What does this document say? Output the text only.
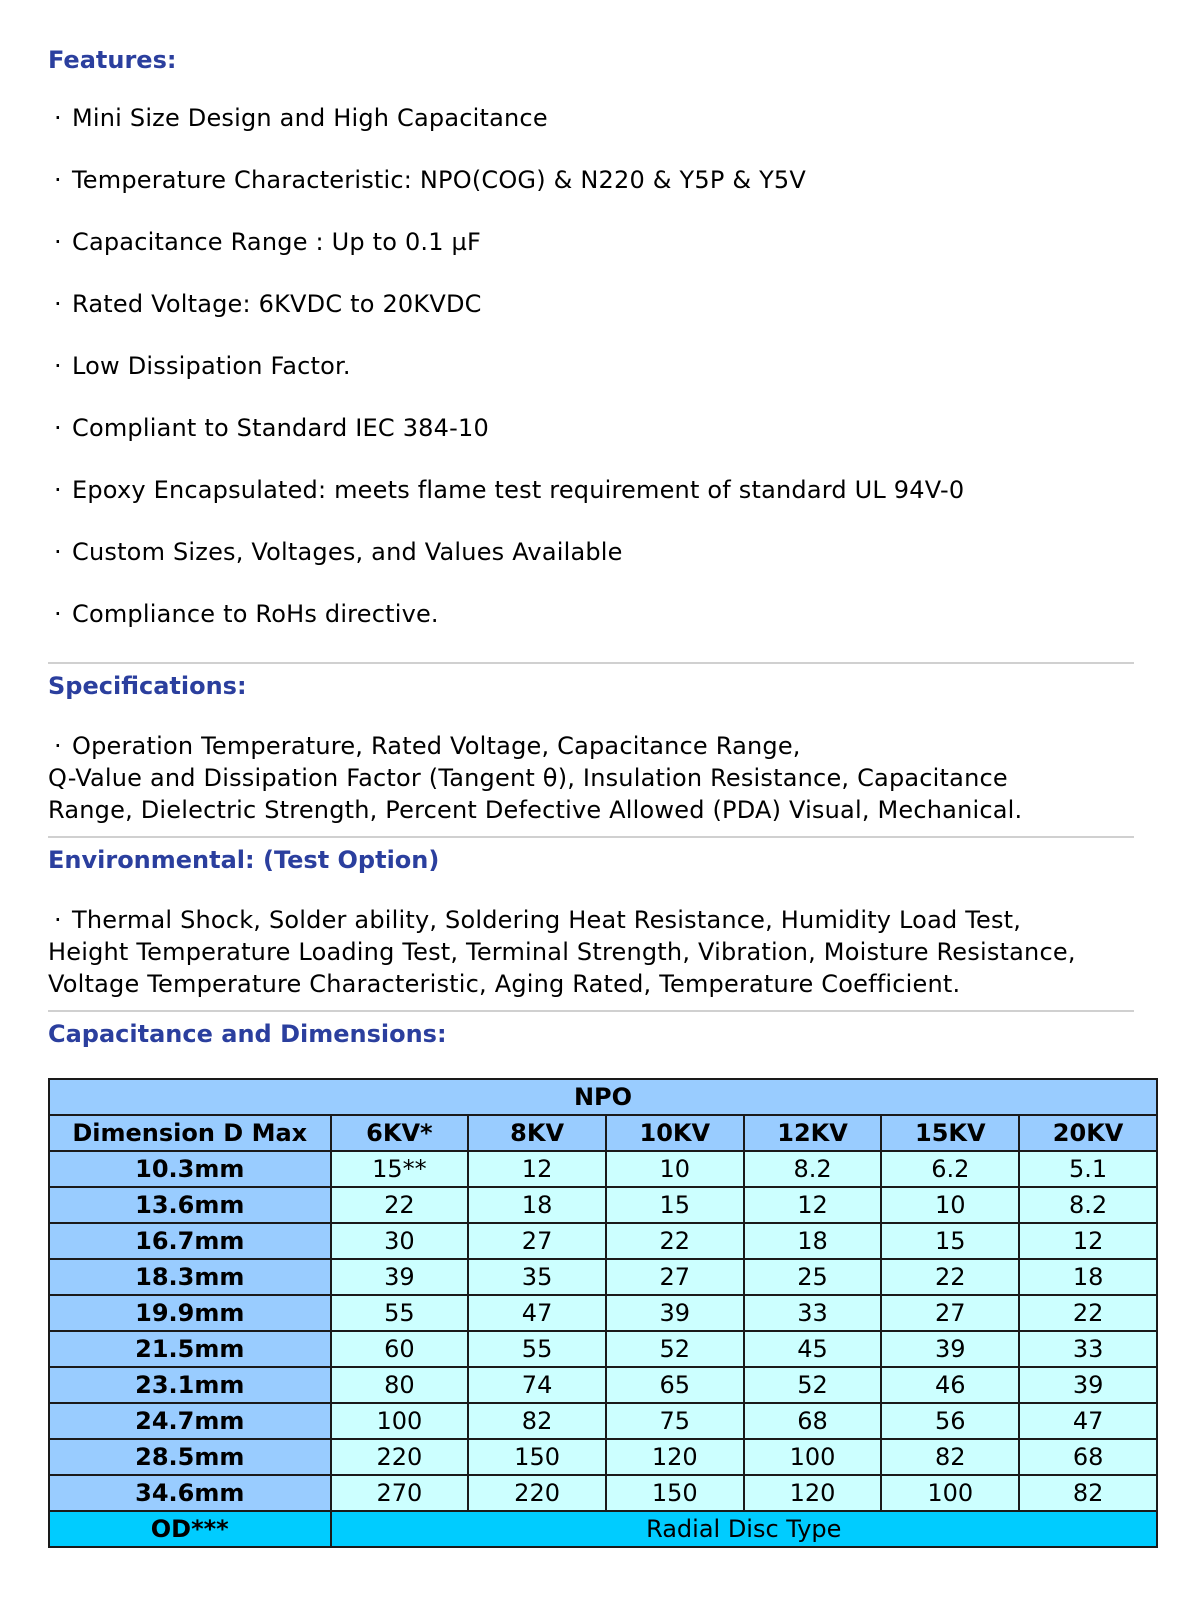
Features:
· Mini Size Design and High Capacitance
· Temperature Characteristic: NPO(COG) & N220 & Y5P & Y5V
· Capacitance Range : Up to 0.1 µF
· Rated Voltage: 6KVDC to 20KVDC
· Low Dissipation Factor.
· Compliant to Standard IEC 384-10
· Epoxy Encapsulated: meets flame test requirement of standard UL 94V-0
· Custom Sizes, Voltages, and Values Available
· Compliance to RoHs directive.
Specifications:
· Operation Temperature, Rated Voltage, Capacitance Range,
Q-Value and Dissipation Factor (Tangent θ), Insulation Resistance, Capacitance
Range, Dielectric Strength, Percent Defective Allowed (PDA) Visual, Mechanical.
Environmental: (Test Option)
· Thermal Shock, Solder ability, Soldering Heat Resistance, Humidity Load Test,
Height Temperature Loading Test, Terminal Strength, Vibration, Moisture Resistance,
Voltage Temperature Characteristic, Aging Rated, Temperature Coefficient.
Capacitance and Dimensions:
NPO						
Dimension D Max	6KV*	8KV	10KV	12KV	15KV	20KV
10.3mm	15**	12	10	8.2	6.2	5.1
13.6mm	22	18	15	12	10	8.2
16.7mm	30	27	22	18	15	12
18.3mm	39	35	27	25	22	18
19.9mm	55	47	39	33	27	22
21.5mm	60	55	52	45	39	33
23.1mm	80	74	65	52	46	39
24.7mm	100	82	75	68	56	47
28.5mm	220	150	120	100	82	68
34.6mm	270	220	150	120	100	82
OD***	Radial Disc Type					
